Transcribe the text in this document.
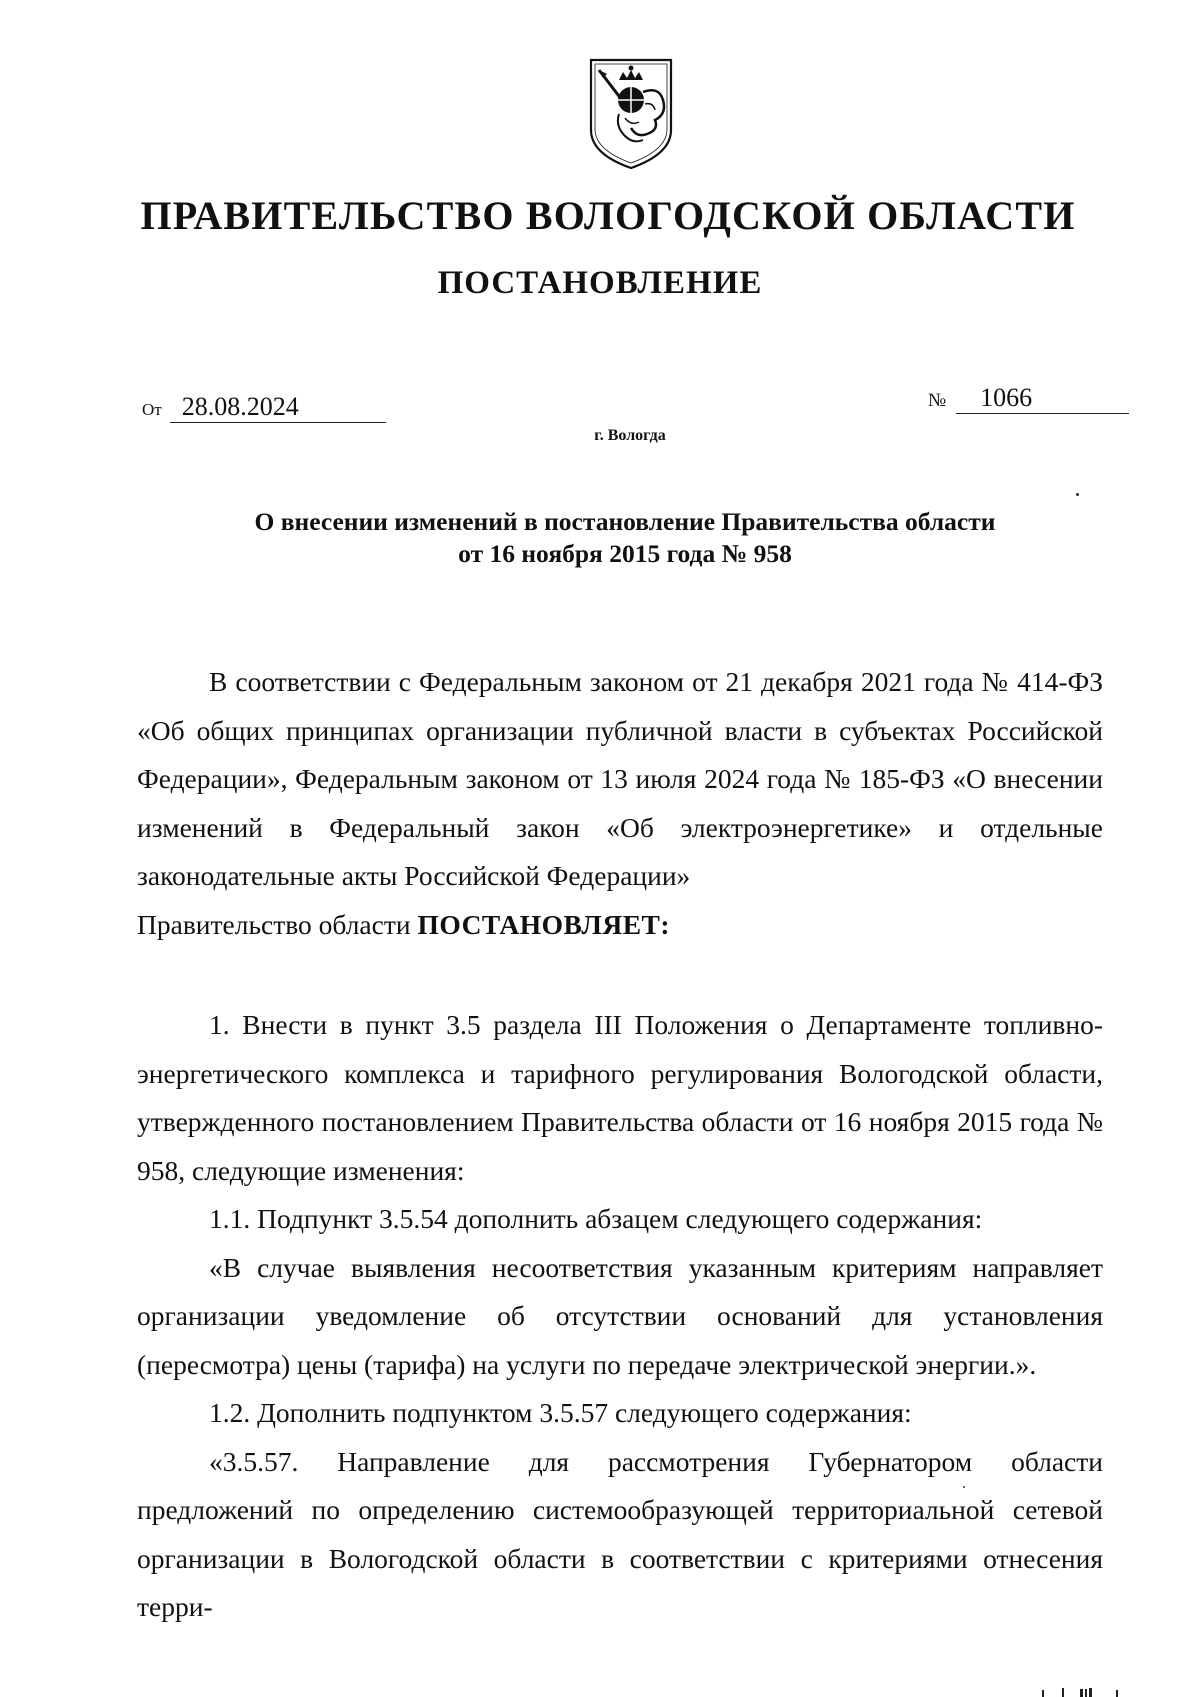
ПРАВИТЕЛЬСТВО ВОЛОГОДСКОЙ ОБЛАСТИ
ПОСТАНОВЛЕНИЕ
От 28.08.2024	№ 1066
г. Вологда
О внесении изменений в постановление Правительства области
от 16 ноября 2015 года № 958

В соответствии с Федеральным законом от 21 декабря 2021 года № 414-ФЗ «Об общих принципах организации публичной власти в субъектах Российской Федерации», Федеральным законом от 13 июля 2024 года № 185-ФЗ «О внесении изменений в Федеральный закон «Об электроэнергетике» и отдельные законодательные акты Российской Федерации»

Правительство области ПОСТАНОВЛЯЕТ:

1. Внести в пункт 3.5 раздела III Положения о Департаменте топливно-энергетического комплекса и тарифного регулирования Вологодской области, утвержденного постановлением Правительства области от 16 ноября 2015 года № 958, следующие изменения:

1.1. Подпункт 3.5.54 дополнить абзацем следующего содержания:

«В случае выявления несоответствия указанным критериям направляет организации уведомление об отсутствии оснований для установления (пересмотра) цены (тарифа) на услуги по передаче электрической энергии.».

1.2. Дополнить подпунктом 3.5.57 следующего содержания:

«3.5.57. Направление для рассмотрения Губернатором области предложений по определению системообразующей территориальной сетевой организации в Вологодской области в соответствии с критериями отнесения терри-
